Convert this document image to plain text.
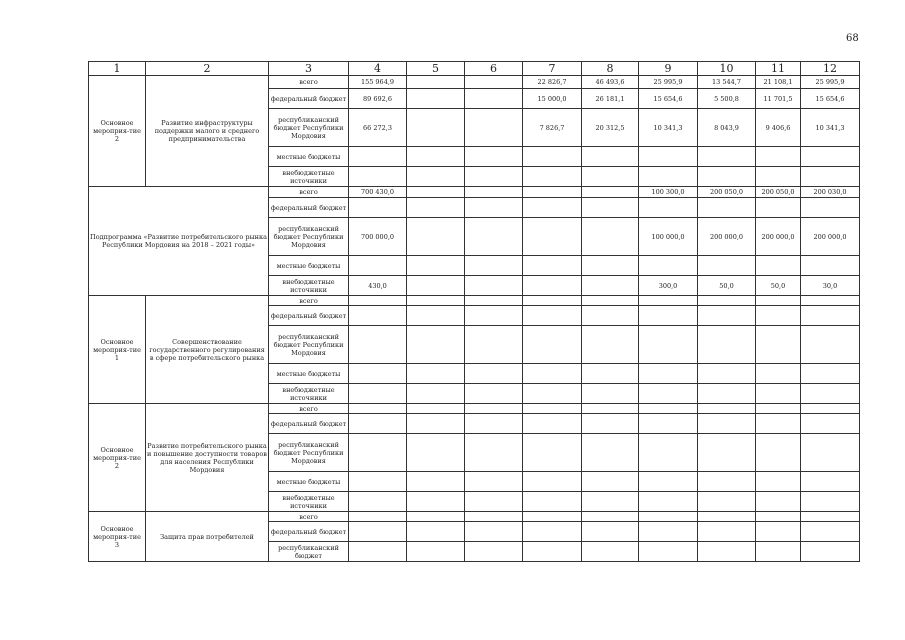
68
1	2	3	4	5	6	7	8	9	10	11	12
Основное мероприя-тие 2	Развитие инфраструктуры поддержки малого и среднего предпринимательства	всего	155 964,9			22 826,7	46 493,6	25 995,9	13 544,7	21 108,1	25 995,9
		федеральный бюджет	89 692,6			15 000,0	26 181,1	15 654,6	5 500,8	11 701,5	15 654,6
		республиканский бюджет Республики Мордовия	66 272,3			7 826,7	20 312,5	10 341,3	8 043,9	9 406,6	10 341,3
		местные бюджеты									
		внебюджетные источники									
Подпрограмма «Развитие потребительского рынка Республики Мордовия на 2018 – 2021 годы»		всего	700 430,0					100 300,0	200 050,0	200 050,0	200 030,0
		федеральный бюджет									
		республиканский бюджет Республики Мордовия	700 000,0					100 000,0	200 000,0	200 000,0	200 000,0
		местные бюджеты									
		внебюджетные источники	430,0					300,0	50,0	50,0	30,0
Основное мероприя-тие 1	Совершенствование государственного регулирования в сфере потребительского рынка	всего									
		федеральный бюджет									
		республиканский бюджет Республики Мордовия									
		местные бюджеты									
		внебюджетные источники									
Основное мероприя-тие 2	Развитие потребительского рынка и повышение доступности товаров для населения Республики Мордовия	всего									
		федеральный бюджет									
		республиканский бюджет Республики Мордовия									
		местные бюджеты									
		внебюджетные источники									
Основное мероприя-тие 3	Защита прав потребителей	всего									
		федеральный бюджет									
		республиканский бюджет									
